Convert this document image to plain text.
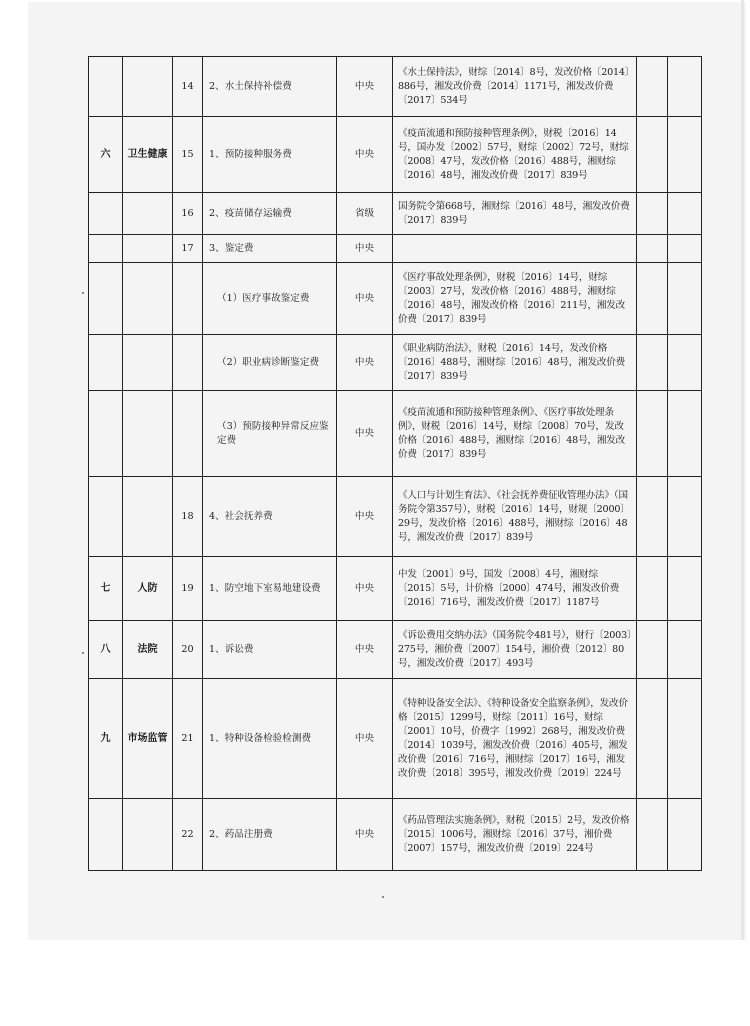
		14	2、水土保持补偿费	中央	《水土保持法》，财综〔2014〕8号，发改价格〔2014〕886号，湘发改价费〔2014〕1171号，湘发改价费〔2017〕534号		
六	卫生健康	15	1、预防接种服务费	中央	《疫苗流通和预防接种管理条例》，财税〔2016〕14号，国办发〔2002〕57号，财综〔2002〕72号，财综〔2008〕47号，发改价格〔2016〕488号，湘财综〔2016〕48号，湘发改价费〔2017〕839号		
		16	2、疫苗储存运输费	省级	国务院令第668号，湘财综〔2016〕48号，湘发改价费〔2017〕839号		
		17	3、鉴定费	中央			
			（1）医疗事故鉴定费	中央	《医疗事故处理条例》，财税〔2016〕14号，财综〔2003〕27号，发改价格〔2016〕488号，湘财综〔2016〕48号，湘发改价格〔2016〕211号，湘发改价费〔2017〕839号		
			（2）职业病诊断鉴定费	中央	《职业病防治法》，财税〔2016〕14号，发改价格〔2016〕488号，湘财综〔2016〕48号，湘发改价费〔2017〕839号		
			（3）预防接种异常反应鉴定费	中央	《疫苗流通和预防接种管理条例》、《医疗事故处理条例》，财税〔2016〕14号，财综〔2008〕70号，发改价格〔2016〕488号，湘财综〔2016〕48号，湘发改价费〔2017〕839号		
		18	4、社会抚养费	中央	《人口与计划生育法》、《社会抚养费征收管理办法》（国务院令第357号），财税〔2016〕14号，财规〔2000〕29号，发改价格〔2016〕488号，湘财综〔2016〕48号，湘发改价费〔2017〕839号		
七	人防	19	1、防空地下室易地建设费	中央	中发〔2001〕9号，国发〔2008〕4号，湘财综〔2015〕5号，计价格〔2000〕474号，湘发改价费〔2016〕716号，湘发改价费〔2017〕1187号		
八	法院	20	1、诉讼费	中央	《诉讼费用交纳办法》（国务院令481号），财行〔2003〕275号，湘价费〔2007〕154号，湘价费〔2012〕80号，湘发改价费〔2017〕493号		
九	市场监管	21	1、特种设备检验检测费	中央	《特种设备安全法》、《特种设备安全监察条例》，发改价格〔2015〕1299号，财综〔2011〕16号，财综〔2001〕10号，价费字〔1992〕268号，湘发改价费〔2014〕1039号，湘发改价费〔2016〕405号，湘发改价费〔2016〕716号，湘财综〔2017〕16号，湘发改价费〔2018〕395号，湘发改价费〔2019〕224号		
		22	2、药品注册费	中央	《药品管理法实施条例》，财税〔2015〕2号，发改价格〔2015〕1006号，湘财综〔2016〕37号，湘价费〔2007〕157号，湘发改价费〔2019〕224号		
